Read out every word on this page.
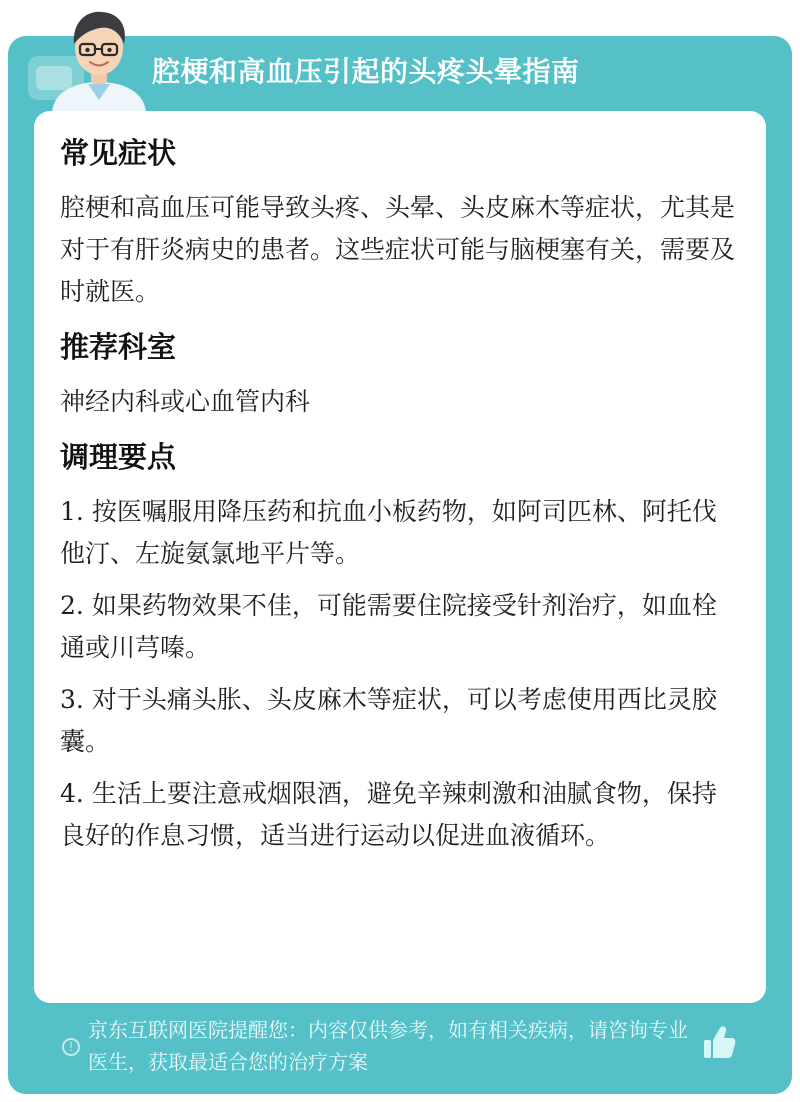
腔梗和高血压引起的头疼头晕指南
常见症状

腔梗和高血压可能导致头疼、头晕、头皮麻木等症状，尤其是对于有肝炎病史的患者。这些症状可能与脑梗塞有关，需要及时就医。

推荐科室

神经内科或心血管内科

调理要点

1. 按医嘱服用降压药和抗血小板药物，如阿司匹林、阿托伐他汀、左旋氨氯地平片等。

2. 如果药物效果不佳，可能需要住院接受针剂治疗，如血栓通或川芎嗪。

3. 对于头痛头胀、头皮麻木等症状，可以考虑使用西比灵胶囊。

4. 生活上要注意戒烟限酒，避免辛辣刺激和油腻食物，保持良好的作息习惯，适当进行运动以促进血液循环。

!
京东互联网医院提醒您：内容仅供参考，如有相关疾病，请咨询专业医生，获取最适合您的治疗方案
